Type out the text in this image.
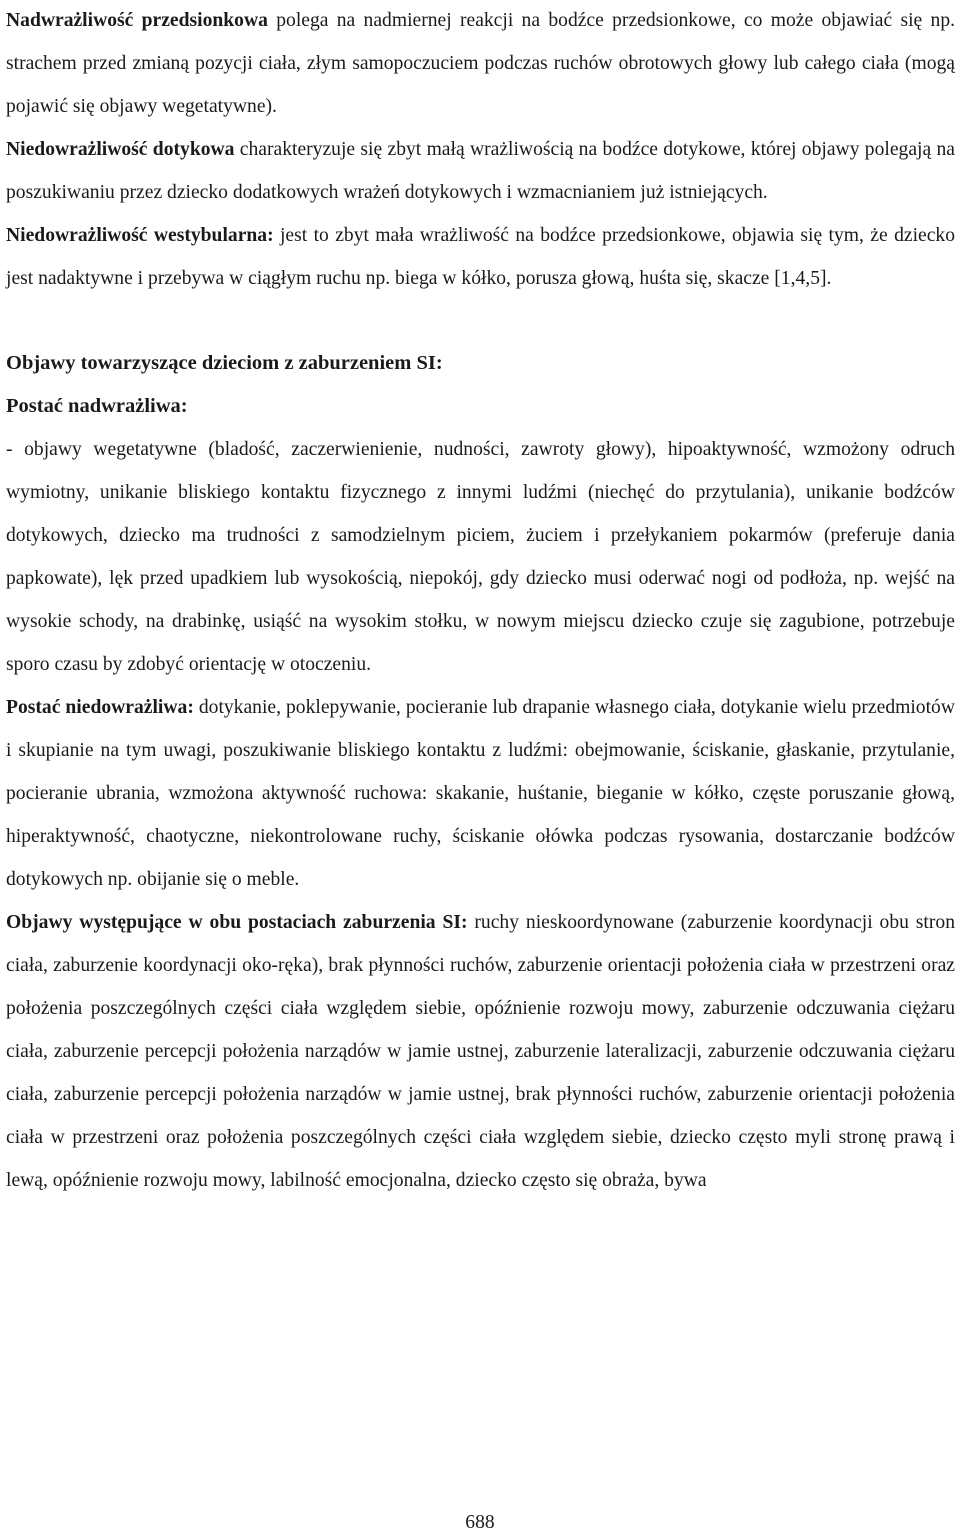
Nadwrażliwość przedsionkowa polega na nadmiernej reakcji na bodźce przedsionkowe, co może objawiać się np. strachem przed zmianą pozycji ciała, złym samopoczuciem podczas ruchów obrotowych głowy lub całego ciała (mogą pojawić się objawy wegetatywne).

Niedowrażliwość dotykowa charakteryzuje się zbyt małą wrażliwością na bodźce dotykowe, której objawy polegają na poszukiwaniu przez dziecko dodatkowych wrażeń dotykowych i wzmacnianiem już istniejących.

Niedowrażliwość westybularna: jest to zbyt mała wrażliwość na bodźce przedsionkowe, objawia się tym, że dziecko jest nadaktywne i przebywa w ciągłym ruchu np. biega w kółko, porusza głową, huśta się, skacze [1,4,5].

Objawy towarzyszące dzieciom z zaburzeniem SI:

Postać nadwrażliwa:

- objawy wegetatywne (bladość, zaczerwienienie, nudności, zawroty głowy), hipoaktywność, wzmożony odruch wymiotny, unikanie bliskiego kontaktu fizycznego z innymi ludźmi (niechęć do przytulania), unikanie bodźców dotykowych, dziecko ma trudności z samodzielnym piciem, żuciem i przełykaniem pokarmów (preferuje dania papkowate), lęk przed upadkiem lub wysokością, niepokój, gdy dziecko musi oderwać nogi od podłoża, np. wejść na wysokie schody, na drabinkę, usiąść na wysokim stołku, w nowym miejscu dziecko czuje się zagubione, potrzebuje sporo czasu by zdobyć orientację w otoczeniu.

Postać niedowrażliwa: dotykanie, poklepywanie, pocieranie lub drapanie własnego ciała, dotykanie wielu przedmiotów i skupianie na tym uwagi, poszukiwanie bliskiego kontaktu z ludźmi: obejmowanie, ściskanie, głaskanie, przytulanie, pocieranie ubrania, wzmożona aktywność ruchowa: skakanie, huśtanie, bieganie w kółko, częste poruszanie głową, hiperaktywność, chaotyczne, niekontrolowane ruchy, ściskanie ołówka podczas rysowania, dostarczanie bodźców dotykowych np. obijanie się o meble.

Objawy występujące w obu postaciach zaburzenia SI: ruchy nieskoordynowane (zaburzenie koordynacji obu stron ciała, zaburzenie koordynacji oko-ręka), brak płynności ruchów, zaburzenie orientacji położenia ciała w przestrzeni oraz położenia poszczególnych części ciała względem siebie, opóźnienie rozwoju mowy, zaburzenie odczuwania ciężaru ciała, zaburzenie percepcji położenia narządów w jamie ustnej, zaburzenie lateralizacji, zaburzenie odczuwania ciężaru ciała, zaburzenie percepcji położenia narządów w jamie ustnej, brak płynności ruchów, zaburzenie orientacji położenia ciała w przestrzeni oraz położenia poszczególnych części ciała względem siebie, dziecko często myli stronę prawą i lewą, opóźnienie rozwoju mowy, labilność emocjonalna, dziecko często się obraża, bywa

688
